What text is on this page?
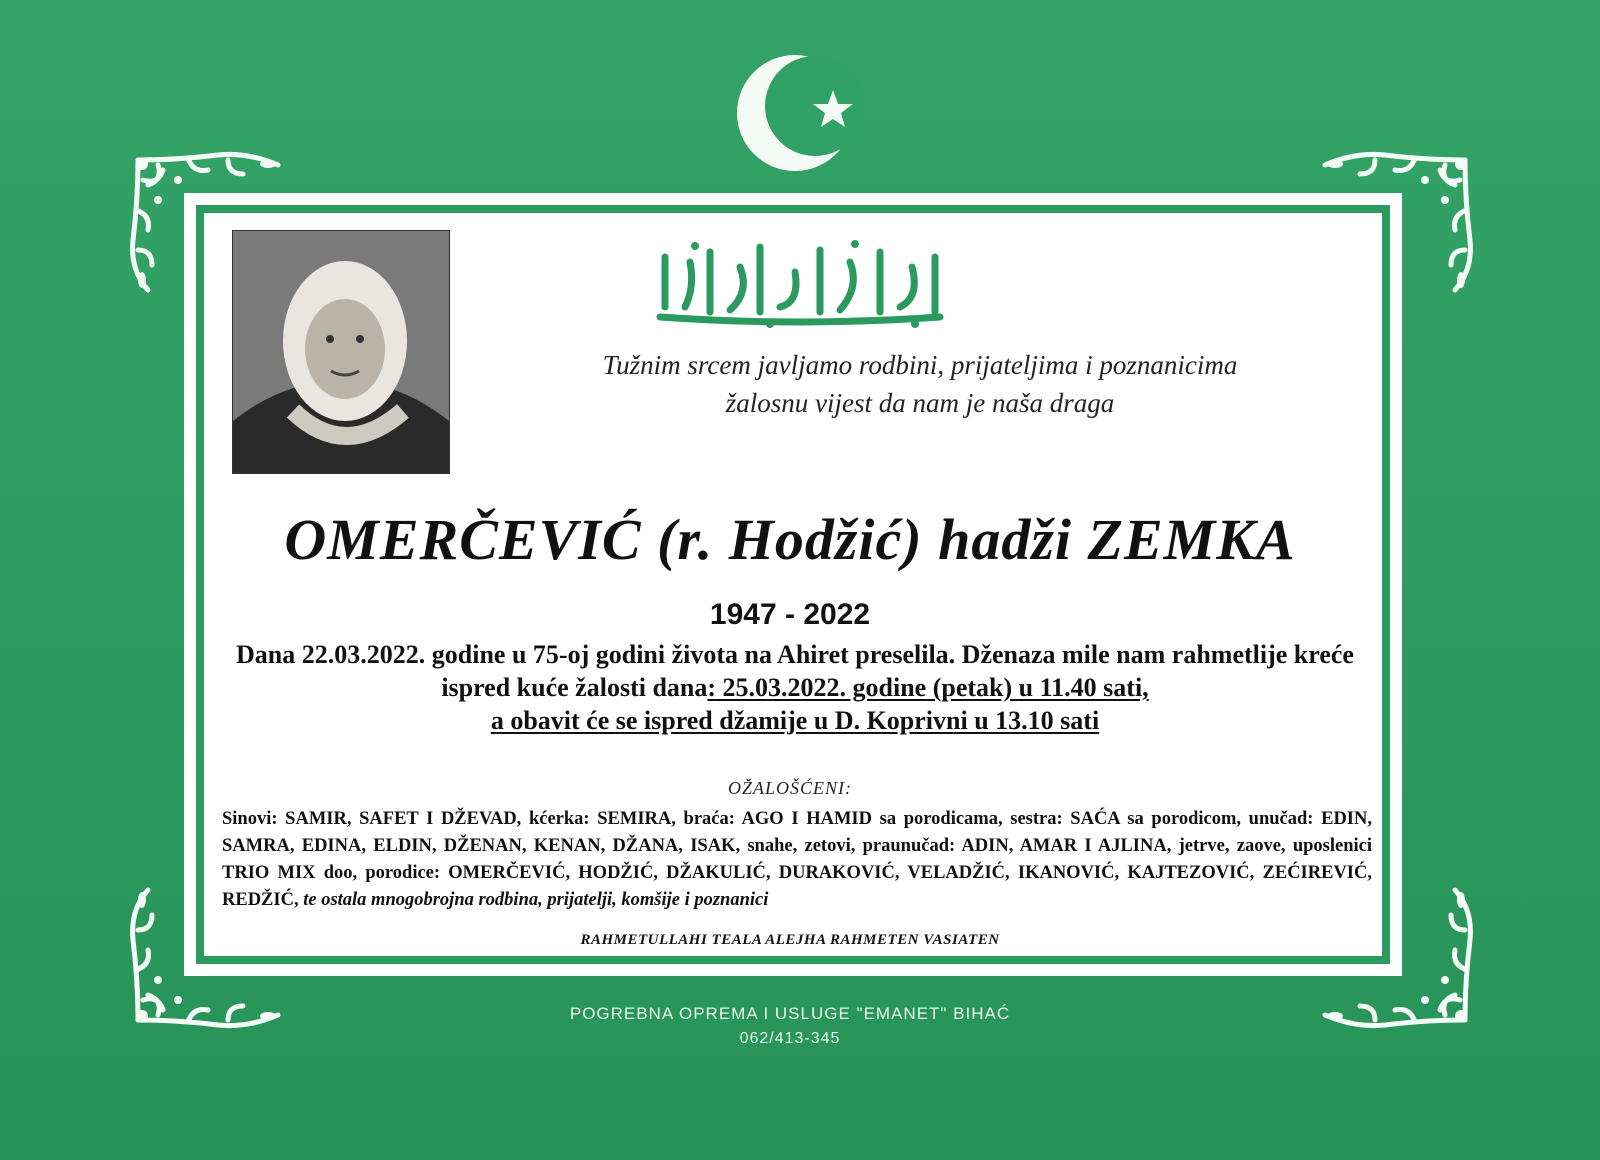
Tužnim srcem javljamo rodbini, prijateljima i poznanicima
žalosnu vijest da nam je naša draga
OMERČEVIĆ (r. Hodžić) hadži ZEMKA
1947 - 2022
Dana 22.03.2022. godine u 75-oj godini života na Ahiret preselila. Dženaza mile nam rahmetlije kreće ispred kuće žalosti dana: 25.03.2022. godine (petak) u 11.40 sati,
a obavit će se ispred džamije u D. Koprivni u 13.10 sati
OŽALOŠĆENI:
Sinovi: SAMIR, SAFET I DŽEVAD, kćerka: SEMIRA, braća: AGO I HAMID sa porodicama, sestra: SAĆA sa porodicom, unučad: EDIN, SAMRA, EDINA, ELDIN, DŽENAN, KENAN, DŽANA, ISAK, snahe, zetovi, praunučad: ADIN, AMAR I AJLINA, jetrve, zaove, uposlenici TRIO MIX doo, porodice: OMERČEVIĆ, HODŽIĆ, DŽAKULIĆ, DURAKOVIĆ, VELADŽIĆ, IKANOVIĆ, KAJTEZOVIĆ, ZEĆIREVIĆ, REDŽIĆ, te ostala mnogobrojna rodbina, prijatelji, komšije i poznanici
RAHMETULLAHI TEALA ALEJHA RAHMETEN VASIATEN
POGREBNA OPREMA I USLUGE "EMANET" BIHAĆ
062/413-345
